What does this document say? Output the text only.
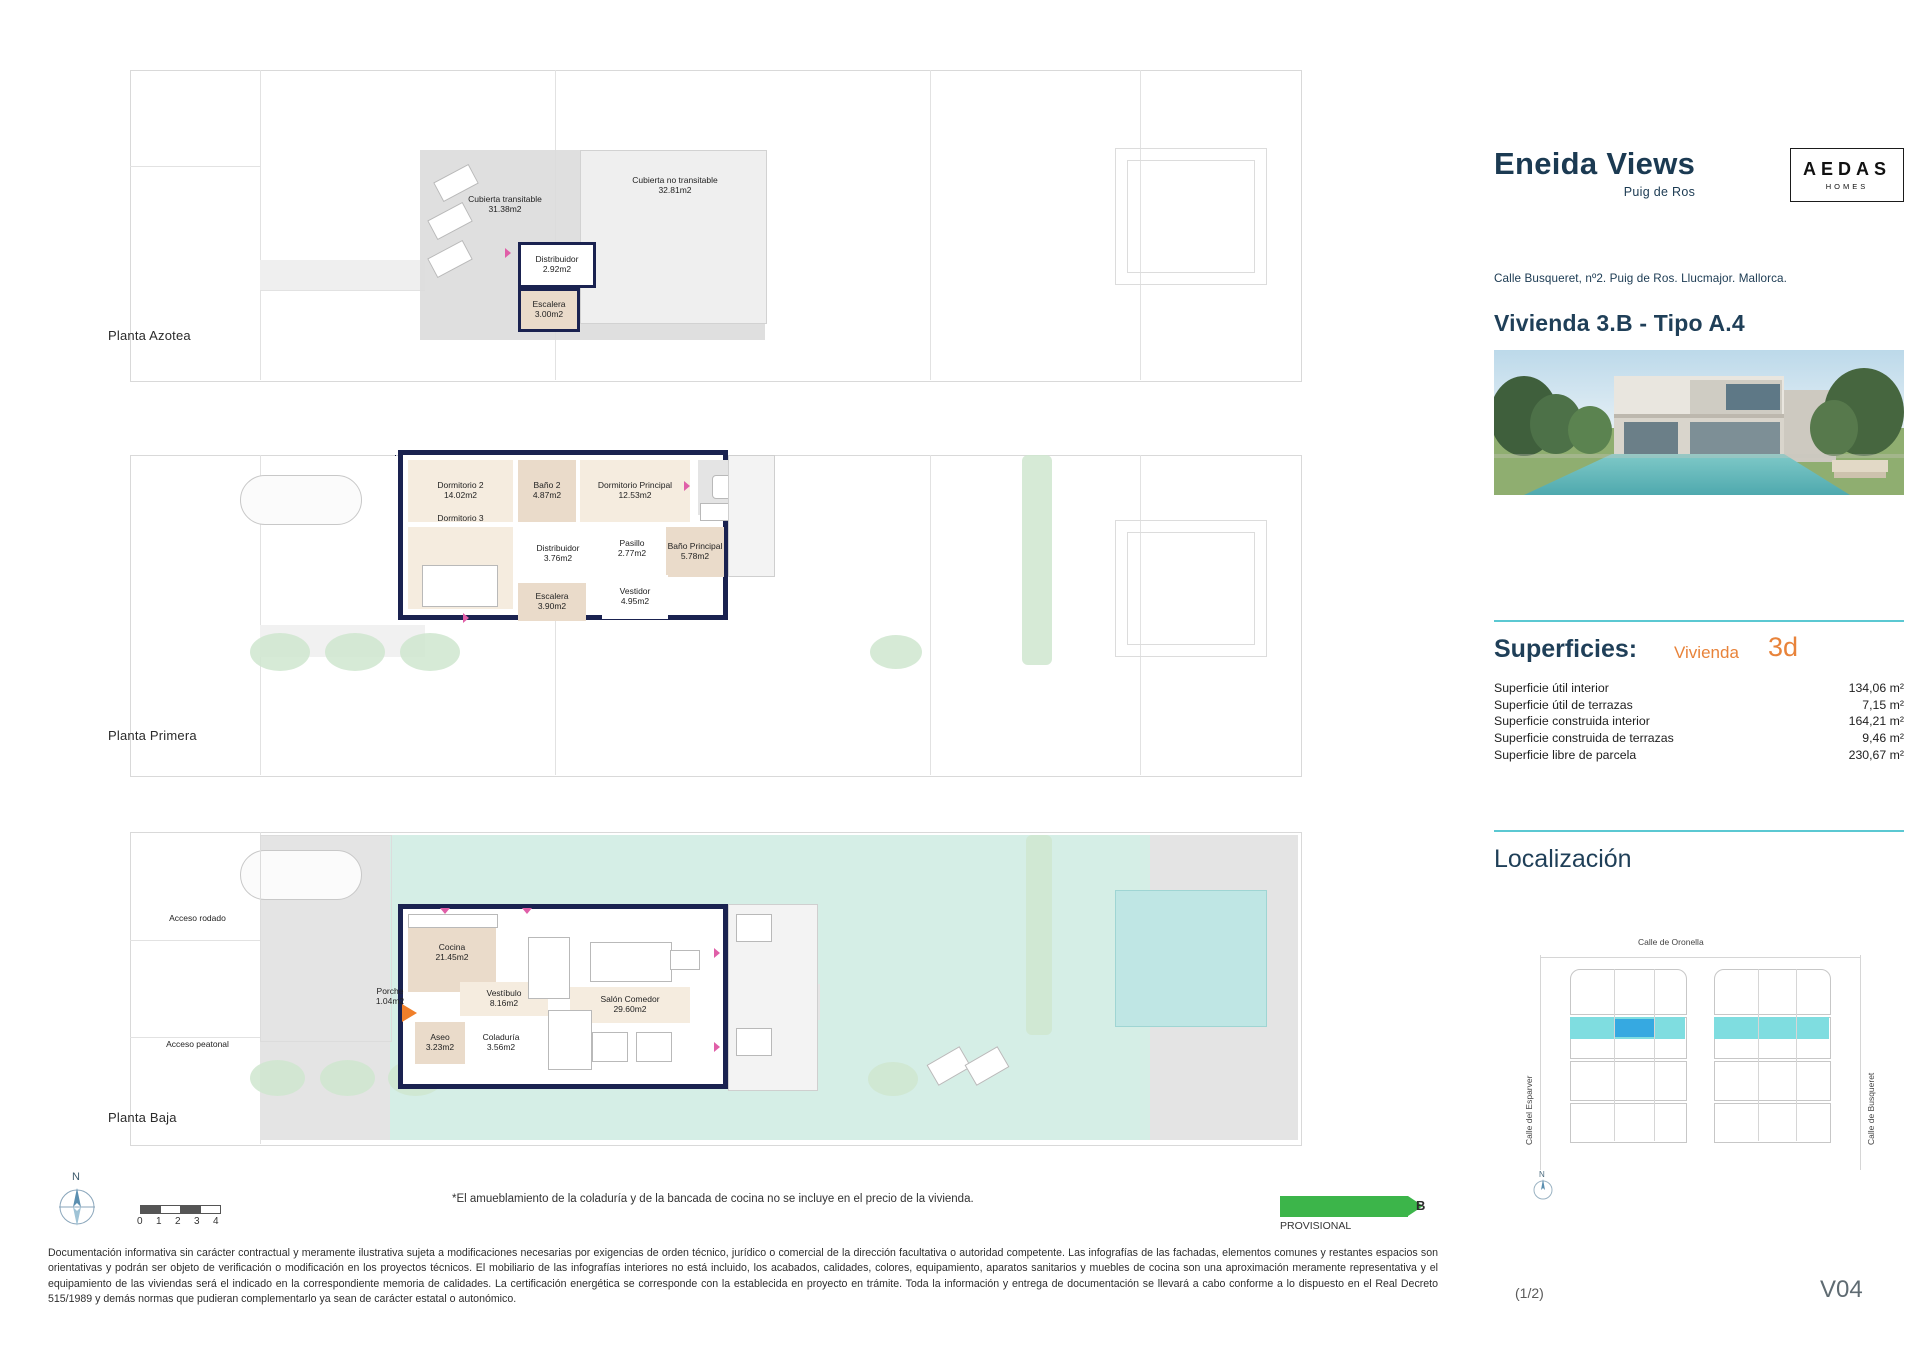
Cubierta transitable
31.38m2
Cubierta no transitable
32.81m2
Distribuidor
2.92m2
Escalera
3.00m2
Planta Azotea
Dormitorio 2
14.02m2
Baño 2
4.87m2
Dormitorio Principal
12.53m2
Dormitorio 3
Distribuidor
3.76m2
Pasillo
2.77m2
Baño Principal
5.78m2
Vestidor
4.95m2
Escalera
3.90m2
Planta Primera
Acceso rodado
Acceso peatonal
Cocina
21.45m2
Salón Comedor
29.60m2
Vestíbulo
8.16m2
Aseo
3.23m2
Coladuría
3.56m2
Porche
1.04m2
Planta Baja
*El amueblamiento de la coladuría y de la bancada de cocina no se incluye en el precio de la vivienda.
N
0	1	2	3	4
B
PROVISIONAL
Documentación informativa sin carácter contractual y meramente ilustrativa sujeta a modificaciones necesarias por exigencias de orden técnico, jurídico o comercial de la dirección facultativa o autoridad competente. Las infografías de las fachadas, elementos comunes y restantes espacios son orientativas y podrán ser objeto de verificación o modificación en los proyectos técnicos. El mobiliario de las infografías interiores no está incluido, los acabados, calidades, colores, equipamiento, aparatos sanitarios y muebles de cocina son una aproximación meramente representativa y el equipamiento de las viviendas será el indicado en la correspondiente memoria de calidades. La certificación energética se corresponde con la establecida en proyecto en trámite. Toda la información y entrega de documentación se llevará a cabo conforme a lo dispuesto en el Real Decreto 515/1989 y demás normas que pudieran complementarlo ya sean de carácter estatal o autonómico.
Eneida Views
Puig de Ros
AEDAS
HOMES
Calle Busqueret, nº2. Puig de Ros. Llucmajor. Mallorca.
Vivienda 3.B - Tipo A.4
Superficies: Vivienda 3d
Superficie útil interior	134,06 m²
Superficie útil de terrazas	7,15 m²
Superficie construida interior	164,21 m²
Superficie construida de terrazas	9,46 m²
Superficie libre de parcela	230,67 m²
Localización
Calle de Oronella
Calle del Esparver	Calle de Busqueret
N
(1/2)	V04
